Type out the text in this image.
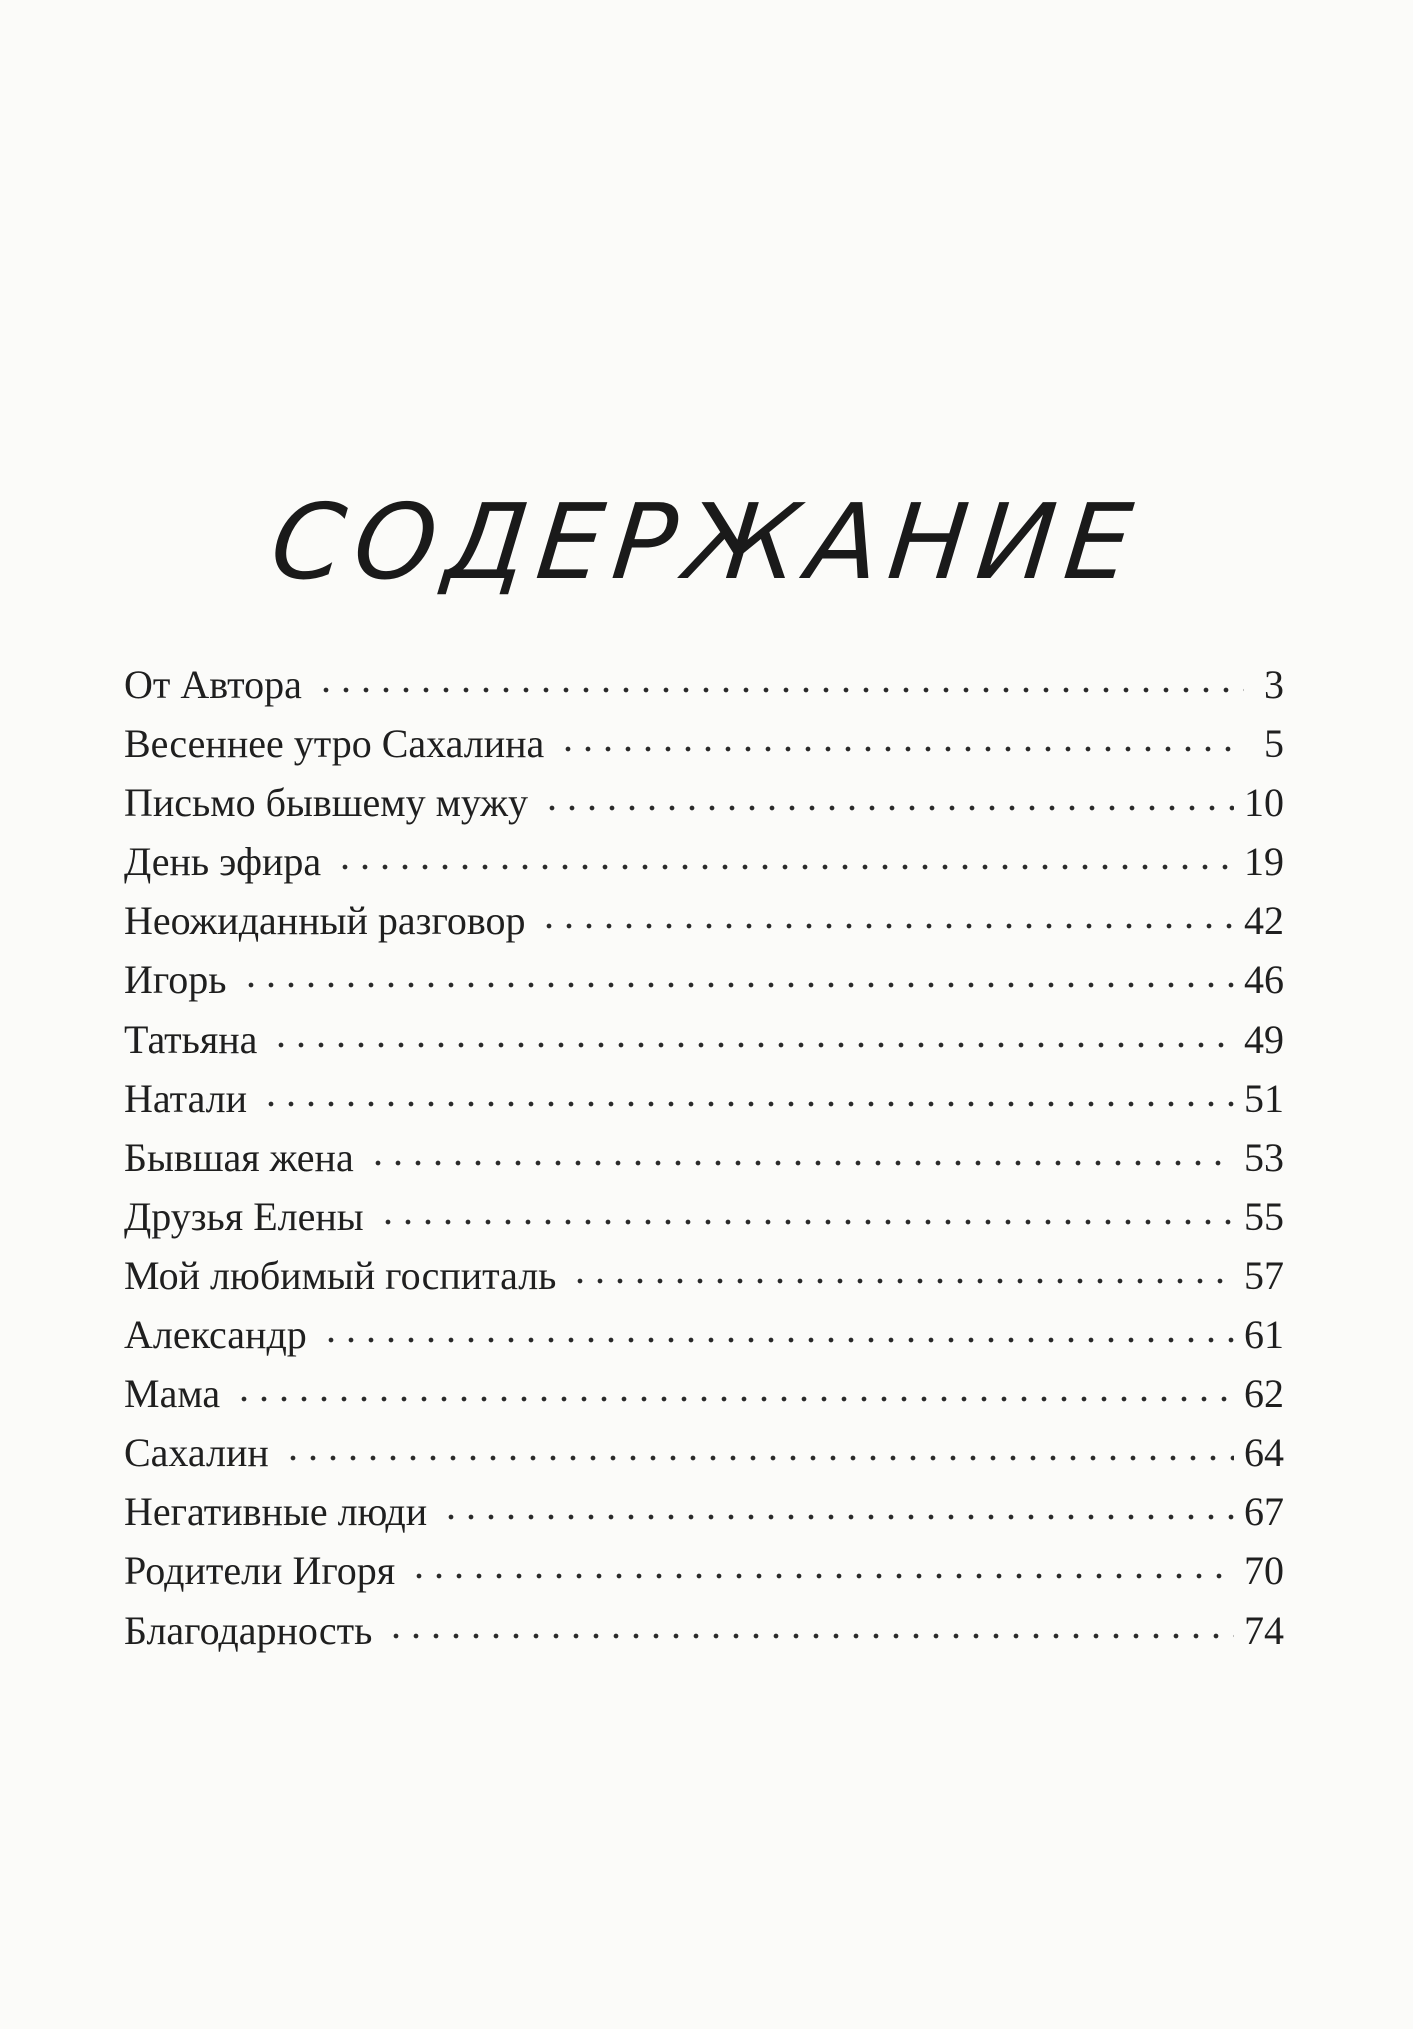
СОДЕРЖАНИЕ
От Автора	3
Весеннее утро Сахалина	5
Письмо бывшему мужу	10
День эфира	19
Неожиданный разговор	42
Игорь	46
Татьяна	49
Натали	51
Бывшая жена	53
Друзья Елены	55
Мой любимый госпиталь	57
Александр	61
Мама	62
Сахалин	64
Негативные люди	67
Родители Игоря	70
Благодарность	74
